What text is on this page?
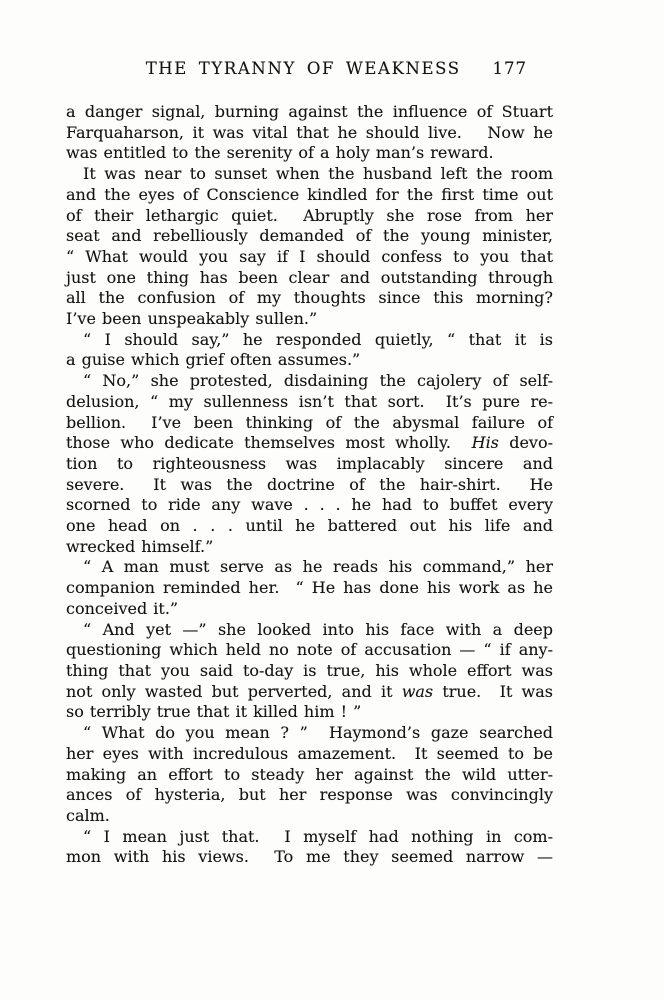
THE TYRANNY OF WEAKNESS 177
a danger signal, burning against the influence of Stuart
Farquaharson, it was vital that he should live.   Now he
was entitled to the serenity of a holy man’s reward.
It was near to sunset when the husband left the room
and the eyes of Conscience kindled for the first time out
of their lethargic quiet.  Abruptly she rose from her
seat and rebelliously demanded of the young minister,
“ What would you say if I should confess to you that
just one thing has been clear and outstanding through
all the confusion of my thoughts since this morning?
I’ve been unspeakably sullen.”
“ I should say,” he responded quietly, “ that it is
a guise which grief often assumes.”
“ No,” she protested, disdaining the cajolery of self-
delusion, “ my sullenness isn’t that sort.  It’s pure re-
bellion.  I’ve been thinking of the abysmal failure of
those who dedicate themselves most wholly.  His devo-
tion to righteousness was implacably sincere and
severe.  It was the doctrine of the hair-shirt.  He
scorned to ride any wave . . . he had to buffet every
one head on . . . until he battered out his life and
wrecked himself.”
“ A man must serve as he reads his command,” her
companion reminded her.  “ He has done his work as he
conceived it.”
“ And yet —” she looked into his face with a deep
questioning which held no note of accusation — “ if any-
thing that you said to-day is true, his whole effort was
not only wasted but perverted, and it was true.  It was
so terribly true that it killed him ! ”
“ What do you mean ? ”  Haymond’s gaze searched
her eyes with incredulous amazement.  It seemed to be
making an effort to steady her against the wild utter-
ances of hysteria, but her response was convincingly
calm.
“ I mean just that.  I myself had nothing in com-
mon with his views.  To me they seemed narrow —
